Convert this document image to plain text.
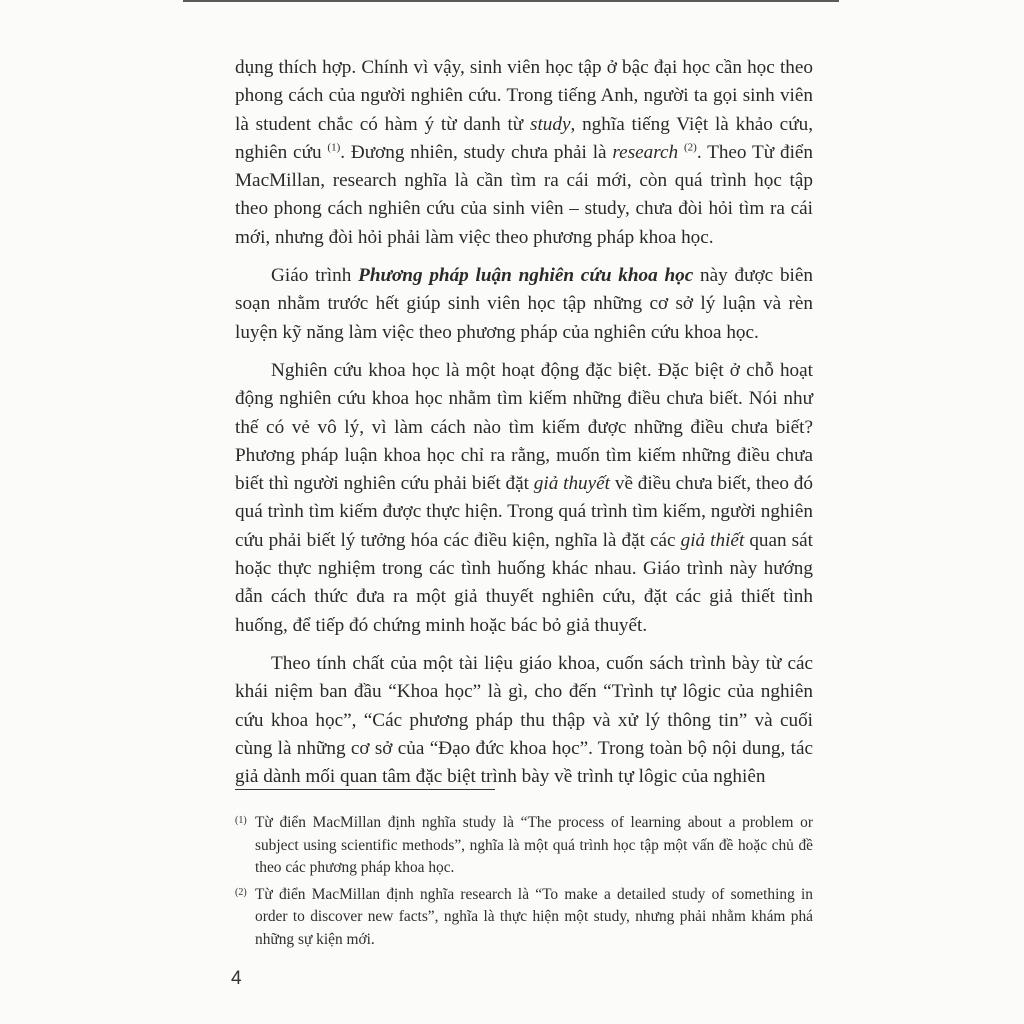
dụng thích hợp. Chính vì vậy, sinh viên học tập ở bậc đại học cần học theo phong cách của người nghiên cứu. Trong tiếng Anh, người ta gọi sinh viên là student chắc có hàm ý từ danh từ study, nghĩa tiếng Việt là khảo cứu, nghiên cứu $^{(1)}$. Đương nhiên, study chưa phải là research $^{(2)}$. Theo Từ điển MacMillan, research nghĩa là cần tìm ra cái mới, còn quá trình học tập theo phong cách nghiên cứu của sinh viên – study, chưa đòi hỏi tìm ra cái mới, nhưng đòi hỏi phải làm việc theo phương pháp khoa học.

Giáo trình Phương pháp luận nghiên cứu khoa học này được biên soạn nhằm trước hết giúp sinh viên học tập những cơ sở lý luận và rèn luyện kỹ năng làm việc theo phương pháp của nghiên cứu khoa học.

Nghiên cứu khoa học là một hoạt động đặc biệt. Đặc biệt ở chỗ hoạt động nghiên cứu khoa học nhằm tìm kiếm những điều chưa biết. Nói như thế có vẻ vô lý, vì làm cách nào tìm kiếm được những điều chưa biết? Phương pháp luận khoa học chỉ ra rằng, muốn tìm kiếm những điều chưa biết thì người nghiên cứu phải biết đặt giả thuyết về điều chưa biết, theo đó quá trình tìm kiếm được thực hiện. Trong quá trình tìm kiếm, người nghiên cứu phải biết lý tưởng hóa các điều kiện, nghĩa là đặt các giả thiết quan sát hoặc thực nghiệm trong các tình huống khác nhau. Giáo trình này hướng dẫn cách thức đưa ra một giả thuyết nghiên cứu, đặt các giả thiết tình huống, để tiếp đó chứng minh hoặc bác bỏ giả thuyết.

Theo tính chất của một tài liệu giáo khoa, cuốn sách trình bày từ các khái niệm ban đầu “Khoa học” là gì, cho đến “Trình tự lôgic của nghiên cứu khoa học”, “Các phương pháp thu thập và xử lý thông tin” và cuối cùng là những cơ sở của “Đạo đức khoa học”. Trong toàn bộ nội dung, tác giả dành mối quan tâm đặc biệt trình bày về trình tự lôgic của nghiên

(1) Từ điển MacMillan định nghĩa study là “The process of learning about a problem or subject using scientific methods”, nghĩa là một quá trình học tập một vấn đề hoặc chủ đề theo các phương pháp khoa học.
(2) Từ điển MacMillan định nghĩa research là “To make a detailed study of something in order to discover new facts”, nghĩa là thực hiện một study, nhưng phải nhằm khám phá những sự kiện mới.
4
